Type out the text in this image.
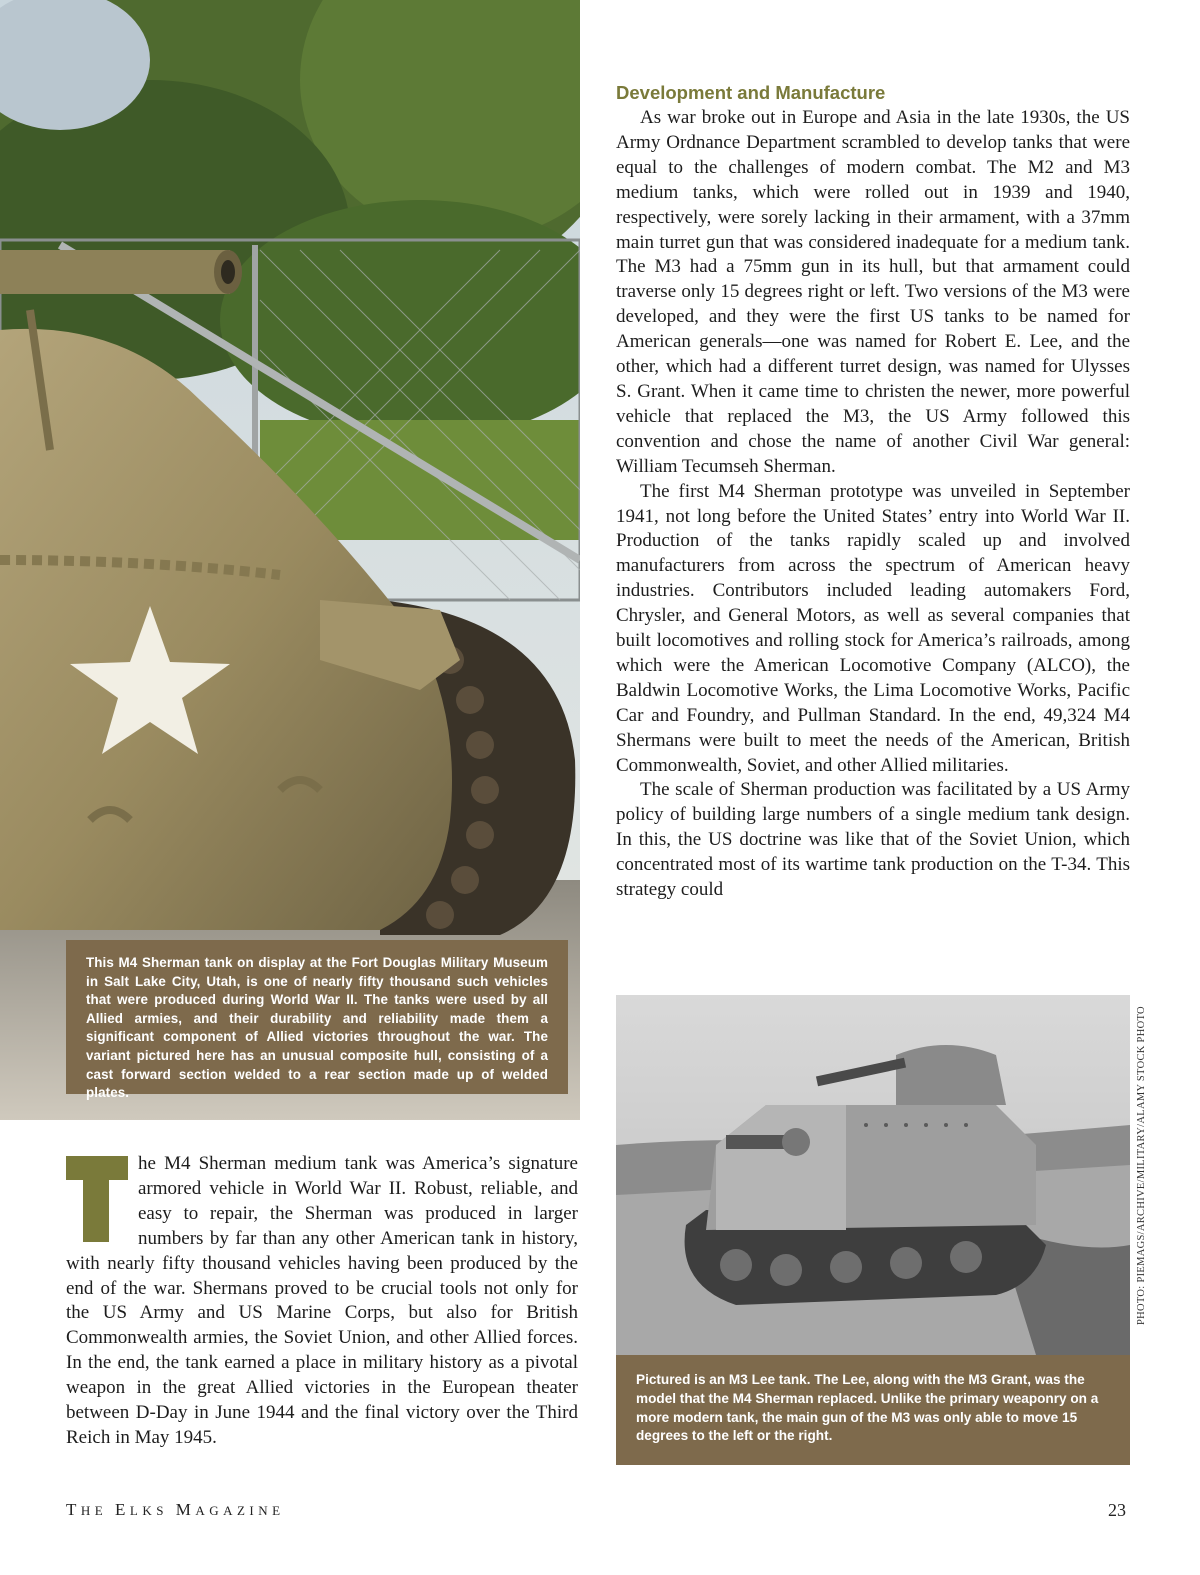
This M4 Sherman tank on display at the Fort Douglas Military Museum in Salt Lake City, Utah, is one of nearly fifty thousand such vehicles that were produced during World War II. The tanks were used by all Allied armies, and their durability and reliability made them a significant component of Allied victories throughout the war. The variant pictured here has an unusual composite hull, consisting of a cast forward section welded to a rear section made up of welded plates.
Development and Manufacture

As war broke out in Europe and Asia in the late 1930s, the US Army Ordnance Department scrambled to develop tanks that were equal to the challenges of modern combat. The M2 and M3 medium tanks, which were rolled out in 1939 and 1940, respectively, were sorely lacking in their armament, with a 37mm main turret gun that was considered inadequate for a medium tank. The M3 had a 75mm gun in its hull, but that armament could traverse only 15 degrees right or left. Two versions of the M3 were developed, and they were the first US tanks to be named for American generals—one was named for Robert E. Lee, and the other, which had a different turret design, was named for Ulysses S. Grant. When it came time to christen the newer, more powerful vehicle that replaced the M3, the US Army followed this convention and chose the name of another Civil War general: William Tecumseh Sherman.

The first M4 Sherman prototype was unveiled in September 1941, not long before the United States’ entry into World War II. Production of the tanks rapidly scaled up and involved manufacturers from across the spectrum of American heavy industries. Contributors included leading automakers Ford, Chrysler, and General Motors, as well as several companies that built locomotives and rolling stock for America’s railroads, among which were the American Locomotive Company (ALCO), the Baldwin Locomotive Works, the Lima Locomotive Works, Pacific Car and Foundry, and Pullman Standard. In the end, 49,324 M4 Shermans were built to meet the needs of the American, British Commonwealth, Soviet, and other Allied militaries.

The scale of Sherman production was facilitated by a US Army policy of building large numbers of a single medium tank design. In this, the US doctrine was like that of the Soviet Union, which concentrated most of its wartime tank production on the T-34. This strategy could

PHOTO: PIEMAGS/ARCHIVE/MILITARY/ALAMY STOCK PHOTO
Pictured is an M3 Lee tank. The Lee, along with the M3 Grant, was the model that the M4 Sherman replaced. Unlike the primary weaponry on a more modern tank, the main gun of the M3 was only able to move 15 degrees to the left or the right.
he M4 Sherman medium tank was America’s signature armored vehicle in World War II. Robust, reliable, and easy to repair, the Sherman was produced in larger numbers by far than any other American tank in history, with nearly fifty thousand vehicles having been produced by the end of the war. Shermans proved to be crucial tools not only for the US Army and US Marine Corps, but also for British Commonwealth armies, the Soviet Union, and other Allied forces. In the end, the tank earned a place in military history as a pivotal weapon in the great Allied victories in the European theater between D-Day in June 1944 and the final victory over the Third Reich in May 1945.
THE ELKS MAGAZINE	23
